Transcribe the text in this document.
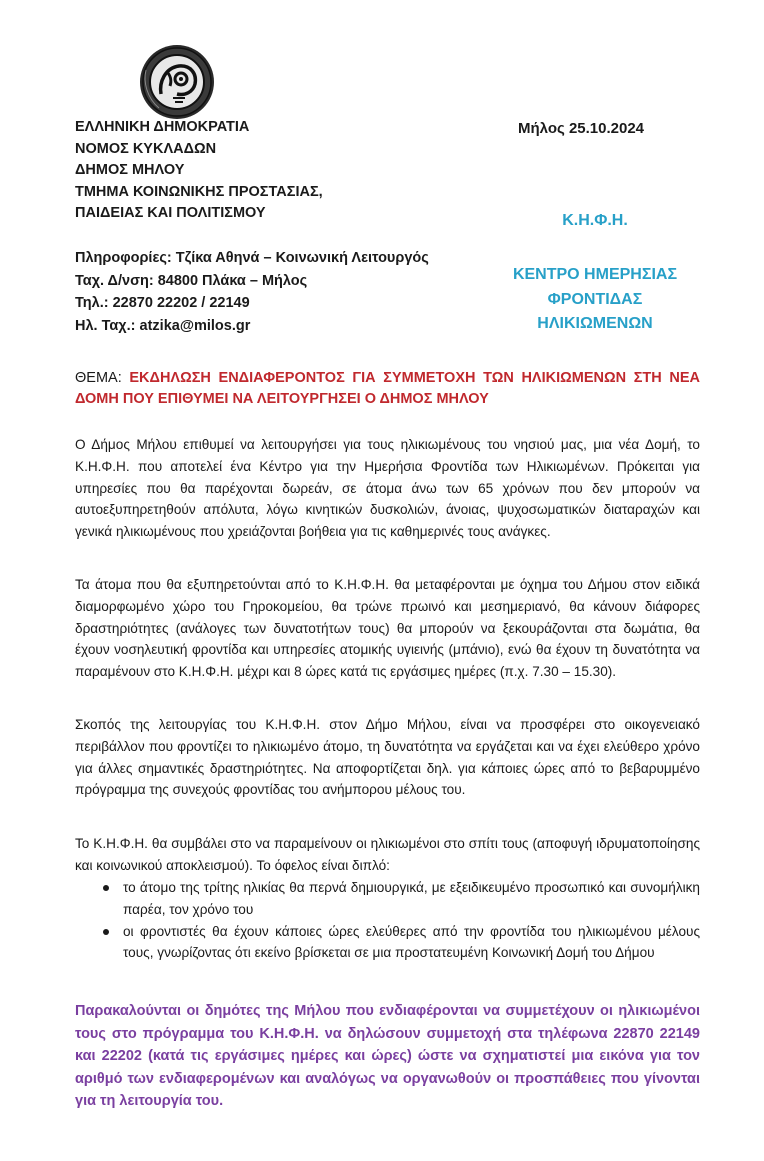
ΕΛΛΗΝΙΚΗ ΔΗΜΟΚΡΑΤΙΑ
ΝΟΜΟΣ ΚΥΚΛΑΔΩΝ
ΔΗΜΟΣ ΜΗΛΟΥ
ΤΜΗΜΑ ΚΟΙΝΩΝΙΚΗΣ ΠΡΟΣΤΑΣΙΑΣ,
ΠΑΙΔΕΙΑΣ ΚΑΙ ΠΟΛΙΤΙΣΜΟΥ
Μήλος 25.10.2024
Κ.Η.Φ.Η.
ΚΕΝΤΡΟ ΗΜΕΡΗΣΙΑΣ
ΦΡΟΝΤΙΔΑΣ
ΗΛΙΚΙΩΜΕΝΩΝ
Πληροφορίες: Τζίκα Αθηνά – Κοινωνική Λειτουργός
Ταχ. Δ/νση: 84800 Πλάκα – Μήλος
Τηλ.: 22870 22202 / 22149
Ηλ. Ταχ.: atzika@milos.gr
ΘΕΜΑ: ΕΚΔΗΛΩΣΗ ΕΝΔΙΑΦΕΡΟΝΤΟΣ ΓΙΑ ΣΥΜΜΕΤΟΧΗ ΤΩΝ ΗΛΙΚΙΩΜΕΝΩΝ ΣΤΗ ΝΕΑ ΔΟΜΗ ΠΟΥ ΕΠΙΘΥΜΕΙ ΝΑ ΛΕΙΤΟΥΡΓΗΣΕΙ Ο ΔΗΜΟΣ ΜΗΛΟΥ

Ο Δήμος Μήλου επιθυμεί να λειτουργήσει για τους ηλικιωμένους του νησιού μας, μια νέα Δομή, το Κ.Η.Φ.Η. που αποτελεί ένα Κέντρο για την Ημερήσια Φροντίδα των Ηλικιωμένων. Πρόκειται για υπηρεσίες που θα παρέχονται δωρεάν, σε άτομα άνω των 65 χρόνων που δεν μπορούν να αυτοεξυπηρετηθούν απόλυτα, λόγω κινητικών δυσκολιών, άνοιας, ψυχοσωματικών διαταραχών και γενικά ηλικιωμένους που χρειάζονται βοήθεια για τις καθημερινές τους ανάγκες.

Τα άτομα που θα εξυπηρετούνται από το Κ.Η.Φ.Η. θα μεταφέρονται με όχημα του Δήμου στον ειδικά διαμορφωμένο χώρο του Γηροκομείου, θα τρώνε πρωινό και μεσημεριανό, θα κάνουν διάφορες δραστηριότητες (ανάλογες των δυνατοτήτων τους) θα μπορούν να ξεκουράζονται στα δωμάτια, θα έχουν νοσηλευτική φροντίδα και υπηρεσίες ατομικής υγιεινής (μπάνιο), ενώ θα έχουν τη δυνατότητα να παραμένουν στο Κ.Η.Φ.Η. μέχρι και 8 ώρες κατά τις εργάσιμες ημέρες (π.χ. 7.30 – 15.30).

Σκοπός της λειτουργίας του Κ.Η.Φ.Η. στον Δήμο Μήλου, είναι να προσφέρει στο οικογενειακό περιβάλλον που φροντίζει το ηλικιωμένο άτομο, τη δυνατότητα να εργάζεται και να έχει ελεύθερο χρόνο για άλλες σημαντικές δραστηριότητες. Να αποφορτίζεται δηλ. για κάποιες ώρες από το βεβαρυμμένο πρόγραμμα της συνεχούς φροντίδας του ανήμπορου μέλους του.

Το Κ.Η.Φ.Η. θα συμβάλει στο να παραμείνουν οι ηλικιωμένοι στο σπίτι τους (αποφυγή ιδρυματοποίησης και κοινωνικού αποκλεισμού). Το όφελος είναι διπλό:

το άτομο της τρίτης ηλικίας θα περνά δημιουργικά, με εξειδικευμένο προσωπικό και συνομήλικη παρέα, τον χρόνο του
οι φροντιστές θα έχουν κάποιες ώρες ελεύθερες από την φροντίδα του ηλικιωμένου μέλους τους, γνωρίζοντας ότι εκείνο βρίσκεται σε μια προστατευμένη Κοινωνική Δομή του Δήμου
Παρακαλούνται οι δημότες της Μήλου που ενδιαφέρονται να συμμετέχουν οι ηλικιωμένοι τους στο πρόγραμμα του Κ.Η.Φ.Η. να δηλώσουν συμμετοχή στα τηλέφωνα 22870 22149 και 22202 (κατά τις εργάσιμες ημέρες και ώρες) ώστε να σχηματιστεί μια εικόνα για τον αριθμό των ενδιαφερομένων και αναλόγως να οργανωθούν οι προσπάθειες που γίνονται για τη λειτουργία του.
